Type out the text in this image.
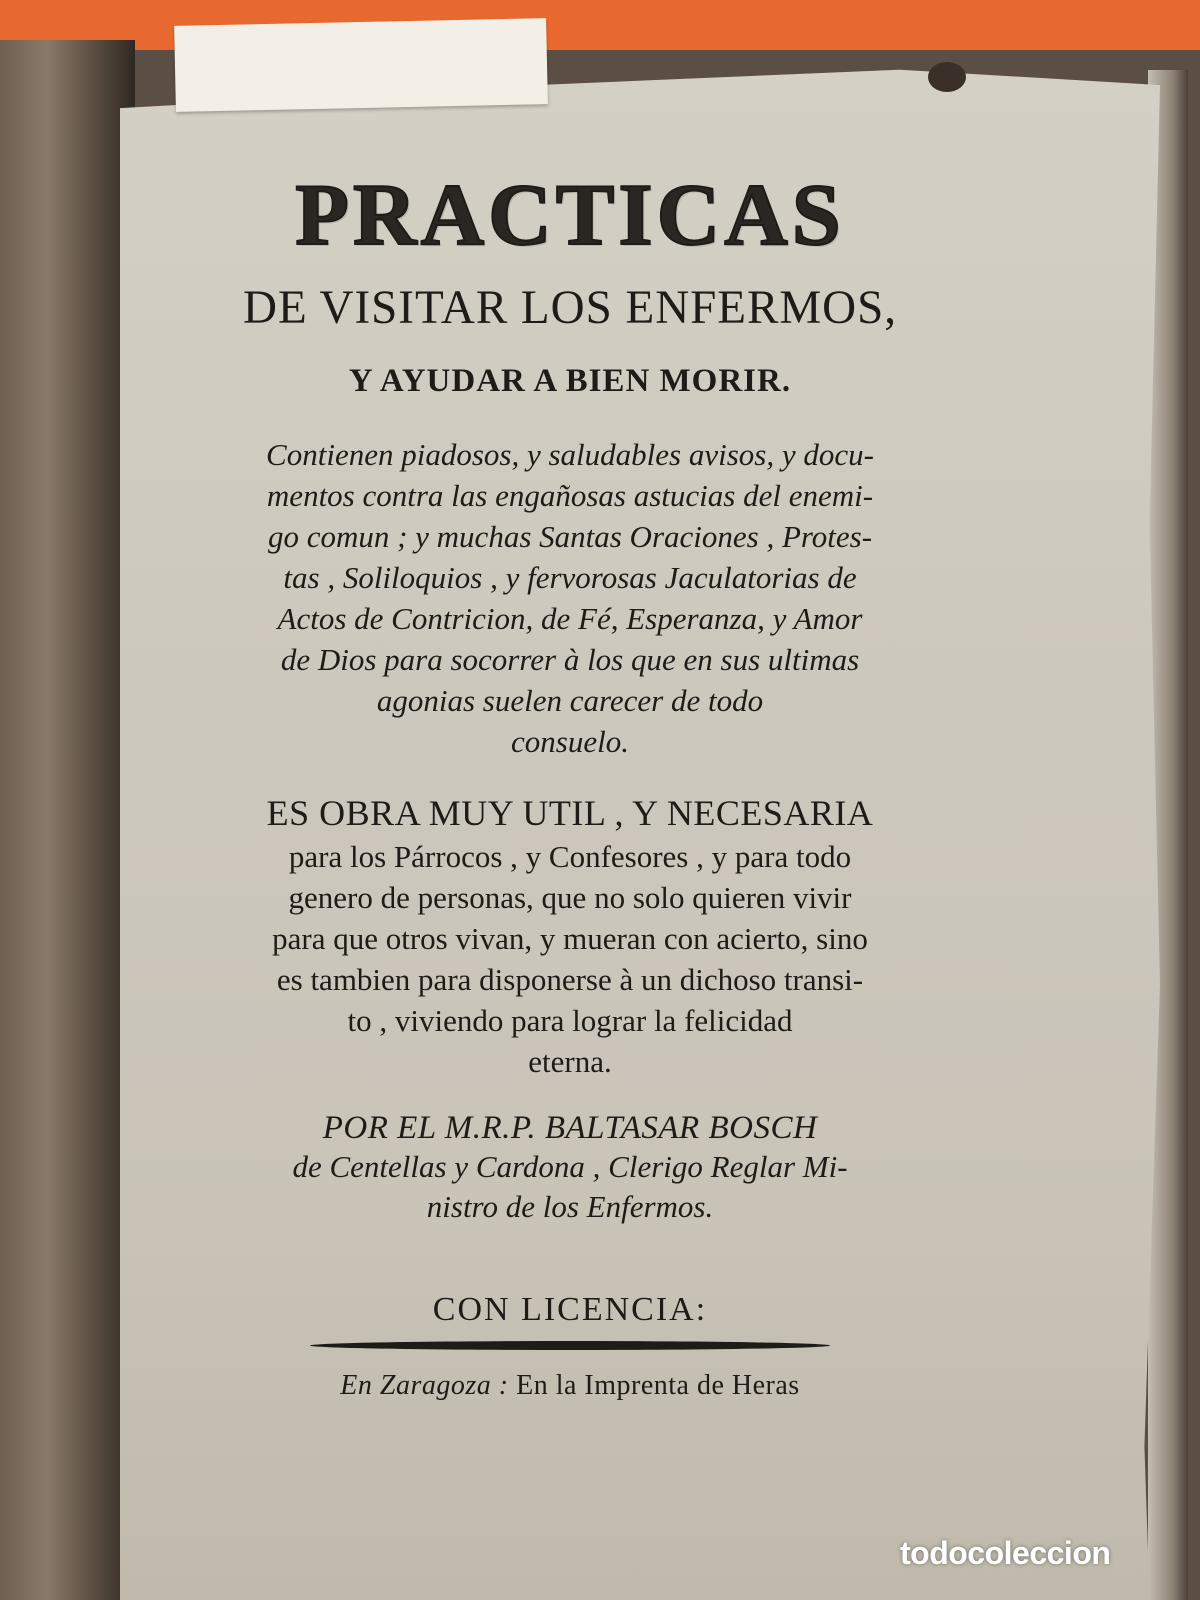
PRACTICAS
DE VISITAR LOS ENFERMOS,
Y AYUDAR A BIEN MORIR.
Contienen piadosos, y saludables avisos, y docu-
mentos contra las engañosas astucias del enemi-
go comun ; y muchas Santas Oraciones , Protes-
tas , Soliloquios , y fervorosas Jaculatorias de
Actos de Contricion, de Fé, Esperanza, y Amor
de Dios para socorrer à los que en sus ultimas
agonias suelen carecer de todo
consuelo.
ES OBRA MUY UTIL , Y NECESARIA
para los Párrocos , y Confesores , y para todo
genero de personas, que no solo quieren vivir
para que otros vivan, y mueran con acierto, sino
es tambien para disponerse à un dichoso transi-
to , viviendo para lograr la felicidad
eterna.
POR EL M.R.P. BALTASAR BOSCH
de Centellas y Cardona , Clerigo Reglar Mi-
nistro de los Enfermos.
CON LICENCIA:
En Zaragoza : En la Imprenta de Heras
todocoleccion
